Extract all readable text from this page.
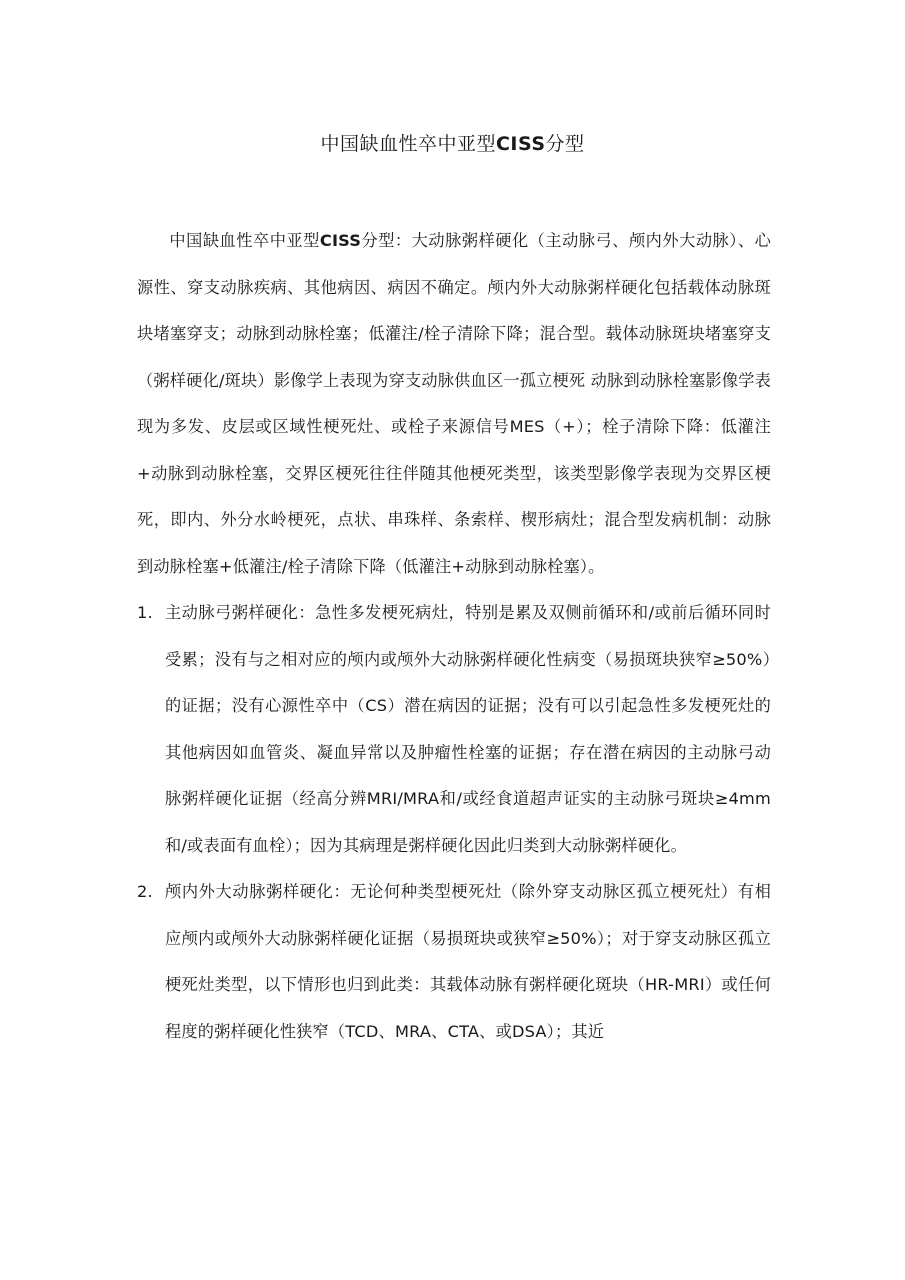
中国缺血性卒中亚型CISS分型

中国缺血性卒中亚型CISS分型：大动脉粥样硬化（主动脉弓、颅内外大动脉）、心源性、穿支动脉疾病、其他病因、病因不确定。颅内外大动脉粥样硬化包括载体动脉斑块堵塞穿支；动脉到动脉栓塞；低灌注/栓子清除下降；混合型。载体动脉斑块堵塞穿支（粥样硬化/斑块）影像学上表现为穿支动脉供血区一孤立梗死 动脉到动脉栓塞影像学表现为多发、皮层或区域性梗死灶、或栓子来源信号MES（+）；栓子清除下降：低灌注+动脉到动脉栓塞，交界区梗死往往伴随其他梗死类型，该类型影像学表现为交界区梗死，即内、外分水岭梗死，点状、串珠样、条索样、楔形病灶；混合型发病机制：动脉到动脉栓塞+低灌注/栓子清除下降（低灌注+动脉到动脉栓塞）。

1. 主动脉弓粥样硬化：急性多发梗死病灶，特别是累及双侧前循环和/或前后循环同时受累；没有与之相对应的颅内或颅外大动脉粥样硬化性病变（易损斑块狭窄≥50%）的证据；没有心源性卒中（CS）潜在病因的证据；没有可以引起急性多发梗死灶的其他病因如血管炎、凝血异常以及肿瘤性栓塞的证据；存在潜在病因的主动脉弓动脉粥样硬化证据（经高分辨MRI/MRA和/或经食道超声证实的主动脉弓斑块≥4mm和/或表面有血栓）；因为其病理是粥样硬化因此归类到大动脉粥样硬化。
2. 颅内外大动脉粥样硬化：无论何种类型梗死灶（除外穿支动脉区孤立梗死灶）有相应颅内或颅外大动脉粥样硬化证据（易损斑块或狭窄≥50%）；对于穿支动脉区孤立梗死灶类型，以下情形也归到此类：其载体动脉有粥样硬化斑块（HR-MRI）或任何程度的粥样硬化性狭窄（TCD、MRA、CTA、或DSA）；其近
